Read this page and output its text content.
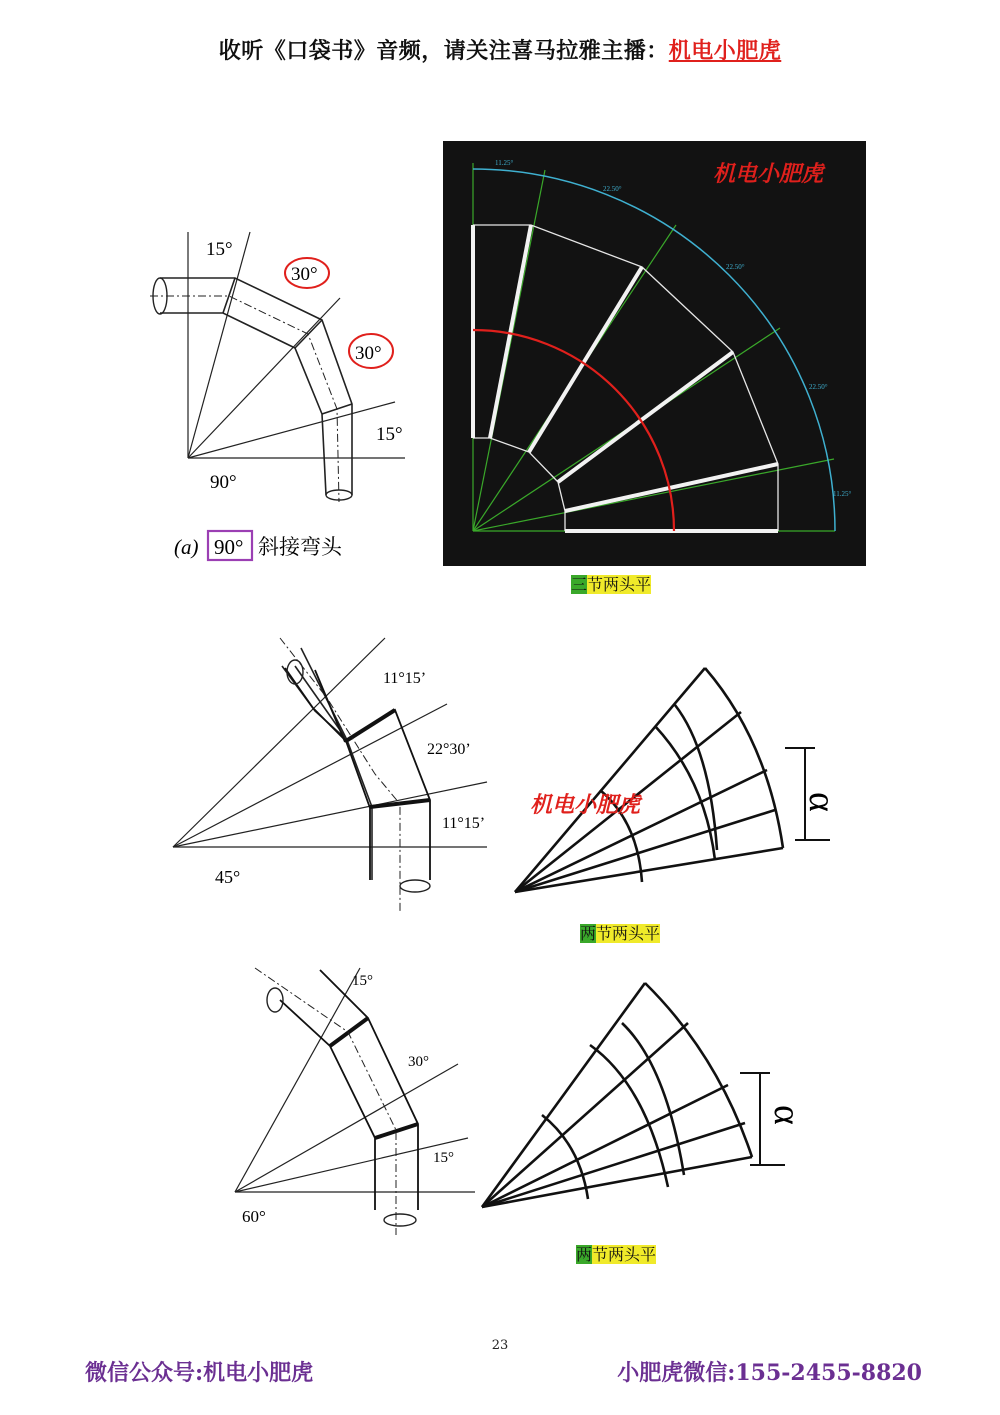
收听《口袋书》音频，请关注喜马拉雅主播：机电小肥虎
15°
30°
30°
15°
90°
(a) 90° 斜接弯头
机电小肥虎
11.25°
22.50°
22.50°
22.50°
11.25°
三节两头平
11°15’
22°30’
11°15’
45°
α
机电小肥虎
两节两头平
15°
30°
15°
60°
α
两节两头平
23
微信公众号:机电小肥虎	小肥虎微信:155-2455-8820
